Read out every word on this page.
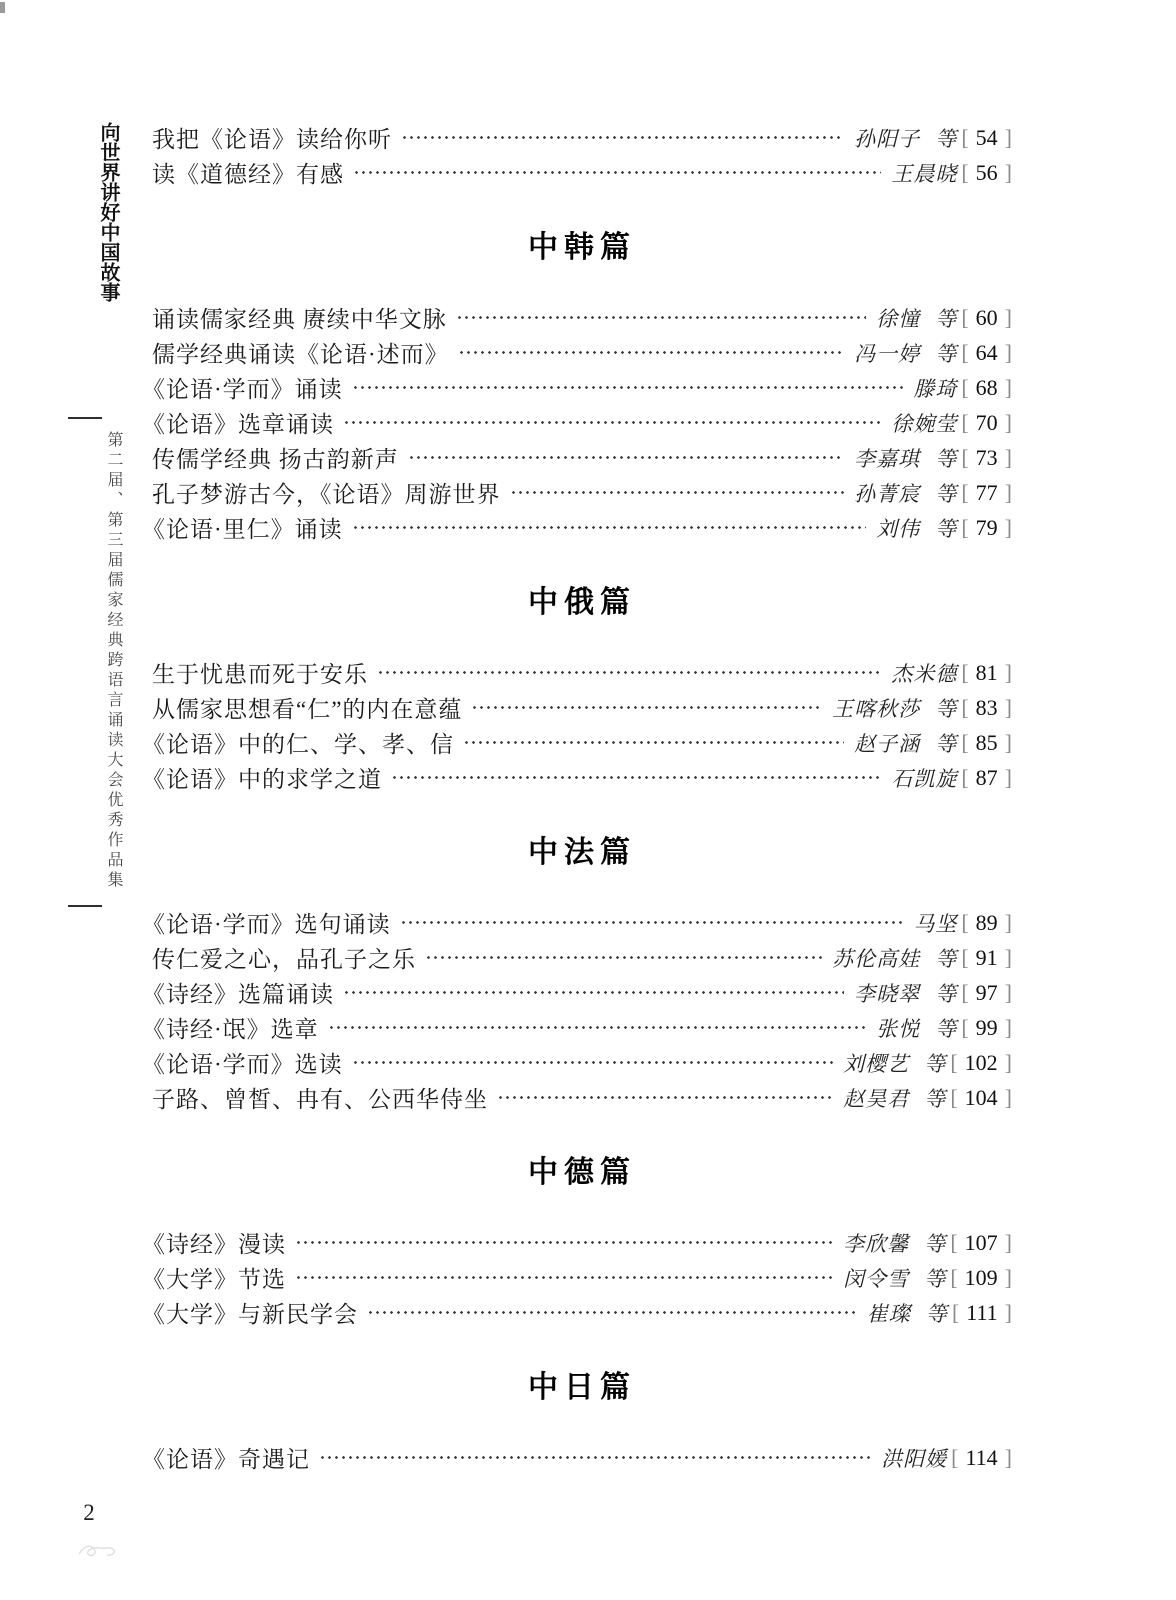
向世界讲好中国故事
第二届、第三届儒家经典跨语言诵读大会优秀作品集
我把《论语》读给你听	孙阳子 等 [ 54 ]
读《道德经》有感	王晨晓 [ 56 ]
中韩篇
诵读儒家经典 赓续中华文脉	徐憧 等 [ 60 ]
儒学经典诵读《论语·述而》	冯一婷 等 [ 64 ]
《论语·学而》诵读	滕琦 [ 68 ]
《论语》选章诵读	徐婉莹 [ 70 ]
传儒学经典 扬古韵新声	李嘉琪 等 [ 73 ]
孔子梦游古今，《论语》周游世界	孙菁宸 等 [ 77 ]
《论语·里仁》诵读	刘伟 等 [ 79 ]
中俄篇
生于忧患而死于安乐	杰米德 [ 81 ]
从儒家思想看“仁”的内在意蕴	王喀秋莎 等 [ 83 ]
《论语》中的仁、学、孝、信	赵子涵 等 [ 85 ]
《论语》中的求学之道	石凯旋 [ 87 ]
中法篇
《论语·学而》选句诵读	马坚 [ 89 ]
传仁爱之心，品孔子之乐	苏伦高娃 等 [ 91 ]
《诗经》选篇诵读	李晓翠 等 [ 97 ]
《诗经·氓》选章	张悦 等 [ 99 ]
《论语·学而》选读	刘樱艺 等 [ 102 ]
子路、曾皙、冉有、公西华侍坐	赵昊君 等 [ 104 ]
中德篇
《诗经》漫读	李欣馨 等 [ 107 ]
《大学》节选	闵令雪 等 [ 109 ]
《大学》与新民学会	崔璨 等 [ 111 ]
中日篇
《论语》奇遇记	洪阳媛 [ 114 ]
2
